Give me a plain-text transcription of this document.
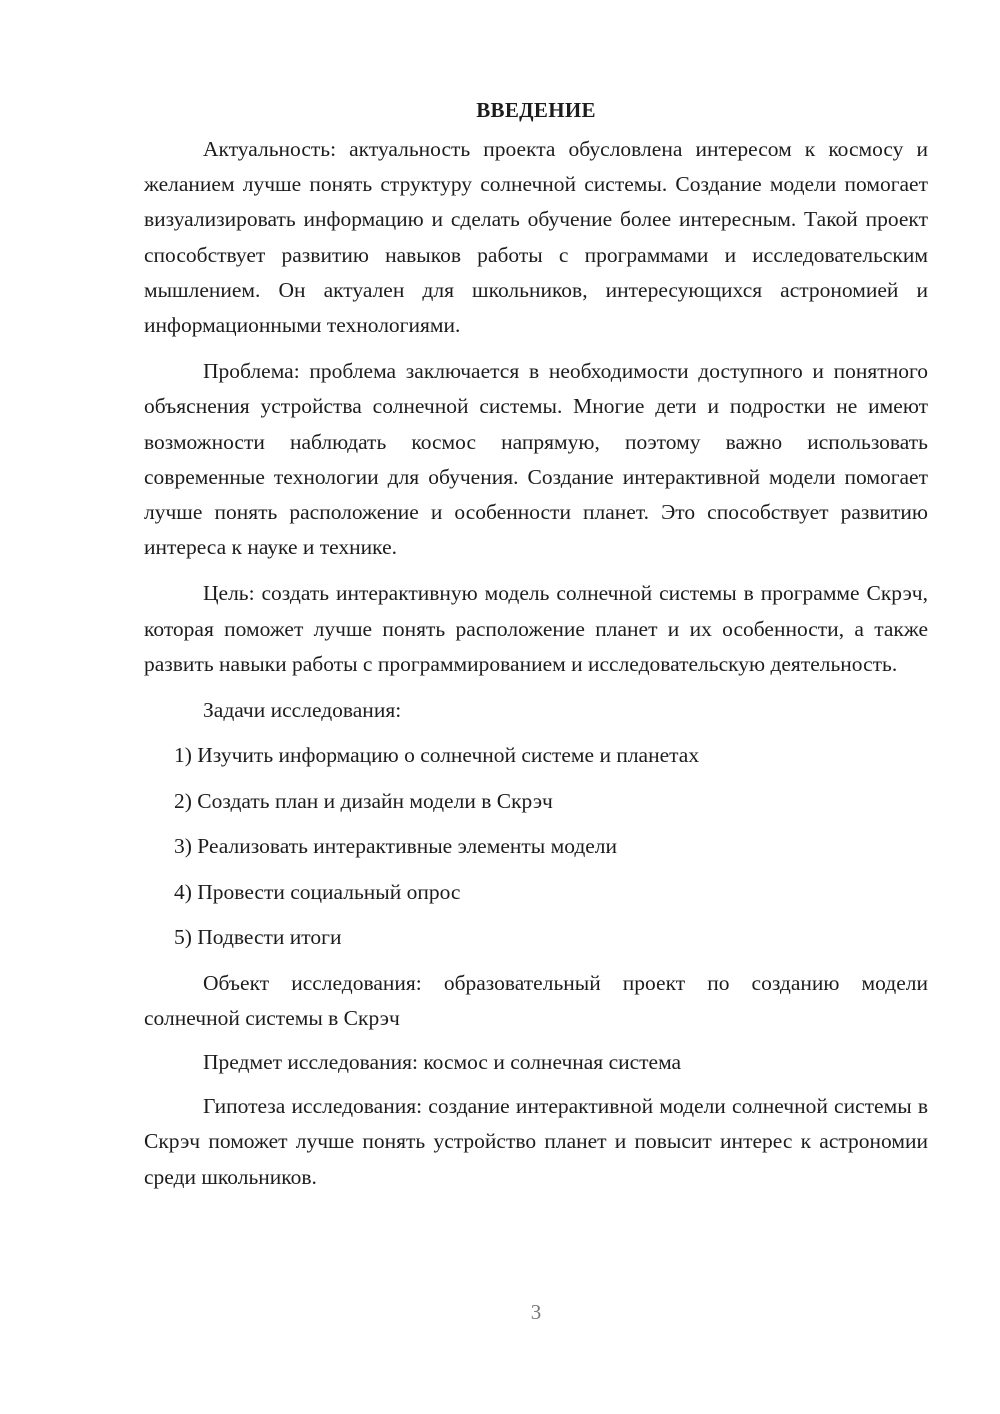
ВВЕДЕНИЕ

Актуальность: актуальность проекта обусловлена интересом к космосу и желанием лучше понять структуру солнечной системы. Создание модели помогает визуализировать информацию и сделать обучение более интересным. Такой проект способствует развитию навыков работы с программами и исследовательским мышлением. Он актуален для школьников, интересующихся астрономией и информационными технологиями.

Проблема: проблема заключается в необходимости доступного и понятного объяснения устройства солнечной системы. Многие дети и подростки не имеют возможности наблюдать космос напрямую, поэтому важно использовать современные технологии для обучения. Создание интерактивной модели помогает лучше понять расположение и особенности планет. Это способствует развитию интереса к науке и технике.

Цель: создать интерактивную модель солнечной системы в программе Скрэч, которая поможет лучше понять расположение планет и их особенности, а также развить навыки работы с программированием и исследовательскую деятельность.

Задачи исследования:
1) Изучить информацию о солнечной системе и планетах
2) Создать план и дизайн модели в Скрэч
3) Реализовать интерактивные элементы модели
4) Провести социальный опрос
5) Подвести итоги

Объект исследования: образовательный проект по созданию модели солнечной системы в Скрэч

Предмет исследования: космос и солнечная система

Гипотеза исследования: создание интерактивной модели солнечной системы в Скрэч поможет лучше понять устройство планет и повысит интерес к астрономии среди школьников.

3
